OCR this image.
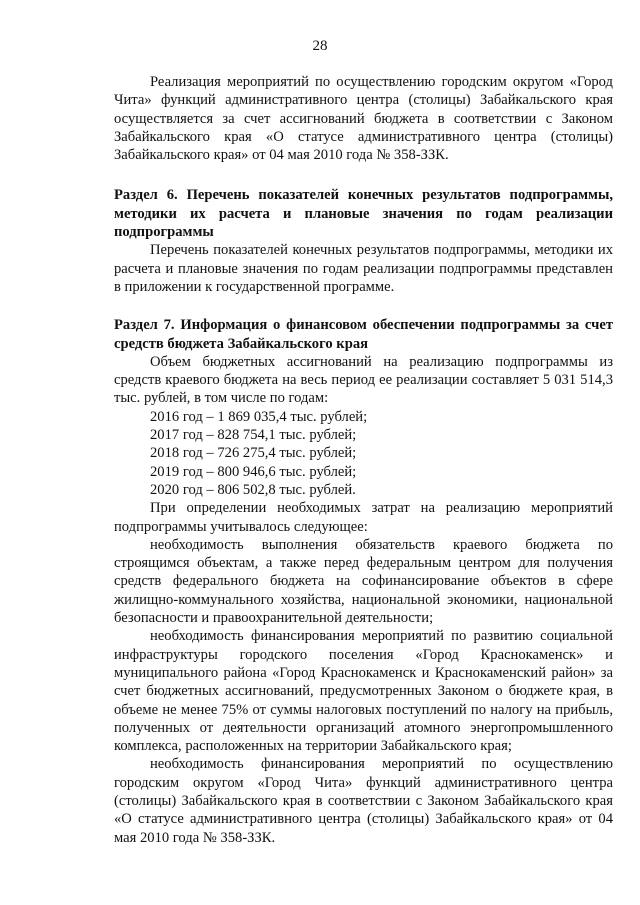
28

Реализация мероприятий по осуществлению городским округом «Город Чита» функций административного центра (столицы) Забайкальского края осуществляется за счет ассигнований бюджета в соответствии с Законом Забайкальского края «О статусе административного центра (столицы) Забайкальского края» от 04 мая 2010 года № 358-ЗЗК.

Раздел 6. Перечень показателей конечных результатов подпрограммы, методики их расчета и плановые значения по годам реализации подпрограммы

Перечень показателей конечных результатов подпрограммы, методики их расчета и плановые значения по годам реализации подпрограммы представлен в приложении к государственной программе.

Раздел 7. Информация о финансовом обеспечении подпрограммы за счет средств бюджета Забайкальского края

Объем бюджетных ассигнований на реализацию подпрограммы из средств краевого бюджета на весь период ее реализации составляет 5 031 514,3 тыс. рублей, в том числе по годам:

2016 год – 1 869 035,4 тыс. рублей;
2017 год – 828 754,1 тыс. рублей;
2018 год – 726 275,4 тыс. рублей;
2019 год – 800 946,6 тыс. рублей;
2020 год – 806 502,8 тыс. рублей.

При определении необходимых затрат на реализацию мероприятий подпрограммы учитывалось следующее:

необходимость выполнения обязательств краевого бюджета по строящимся объектам, а также перед федеральным центром для получения средств федерального бюджета на софинансирование объектов в сфере жилищно-коммунального хозяйства, национальной экономики, национальной безопасности и правоохранительной деятельности;

необходимость финансирования мероприятий по развитию социальной инфраструктуры городского поселения «Город Краснокаменск» и муниципального района «Город Краснокаменск и Краснокаменский район» за счет бюджетных ассигнований, предусмотренных Законом о бюджете края, в объеме не менее 75% от суммы налоговых поступлений по налогу на прибыль, полученных от деятельности организаций атомного энергопромышленного комплекса, расположенных на территории Забайкальского края;

необходимость финансирования мероприятий по осуществлению городским округом «Город Чита» функций административного центра (столицы) Забайкальского края в соответствии с Законом Забайкальского края «О статусе административного центра (столицы) Забайкальского края» от 04 мая 2010 года № 358-ЗЗК.
